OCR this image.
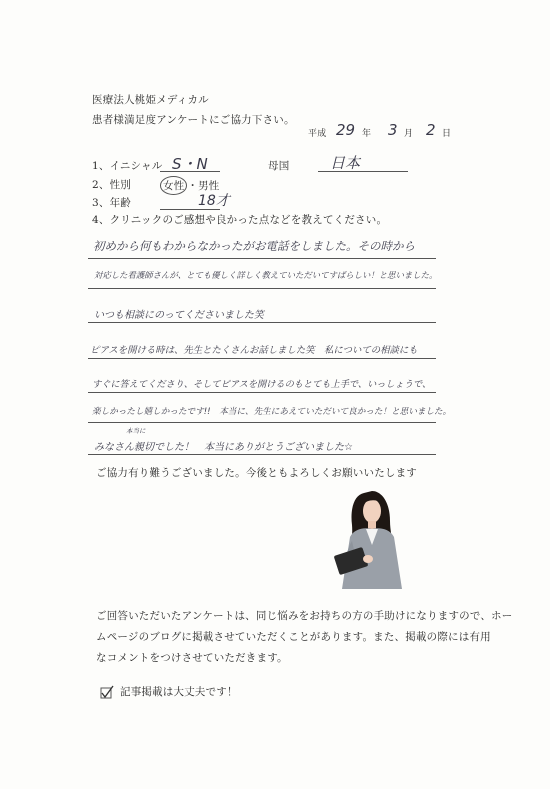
医療法人桃姫メディカル
患者様満足度アンケートにご協力下さい。
平成 29 年 3 月 2 日
1、イニシャル S・N	母国	日本
2、性別	女性 ・男性
3、年齢	18才
4、クリニックのご感想や良かった点などを教えてください。
初めから何もわからなかったがお電話をしました。その時から
対応した看護師さんが、とても優しく詳しく教えていただいてすばらしい！と思いました。
いつも相談にのってくださいました笑
ピアスを開ける時は、先生とたくさんお話しました笑　私についての相談にも
すぐに答えてくださり、そしてピアスを開けるのもとても上手で、いっしょうで、
楽しかったし嬉しかったです!!　本当に、先生にあえていただいて良かった！と思いました。
本当に
みなさん親切でした！　本当にありがとうございました☆
ご協力有り難うございました。今後ともよろしくお願いいたします
ご回答いただいたアンケートは、同じ悩みをお持ちの方の手助けになりますので、ホー
ムページのブログに掲載させていただくことがあります。また、掲載の際には有用
なコメントをつけさせていただきます。
記事掲載は大丈夫です！
